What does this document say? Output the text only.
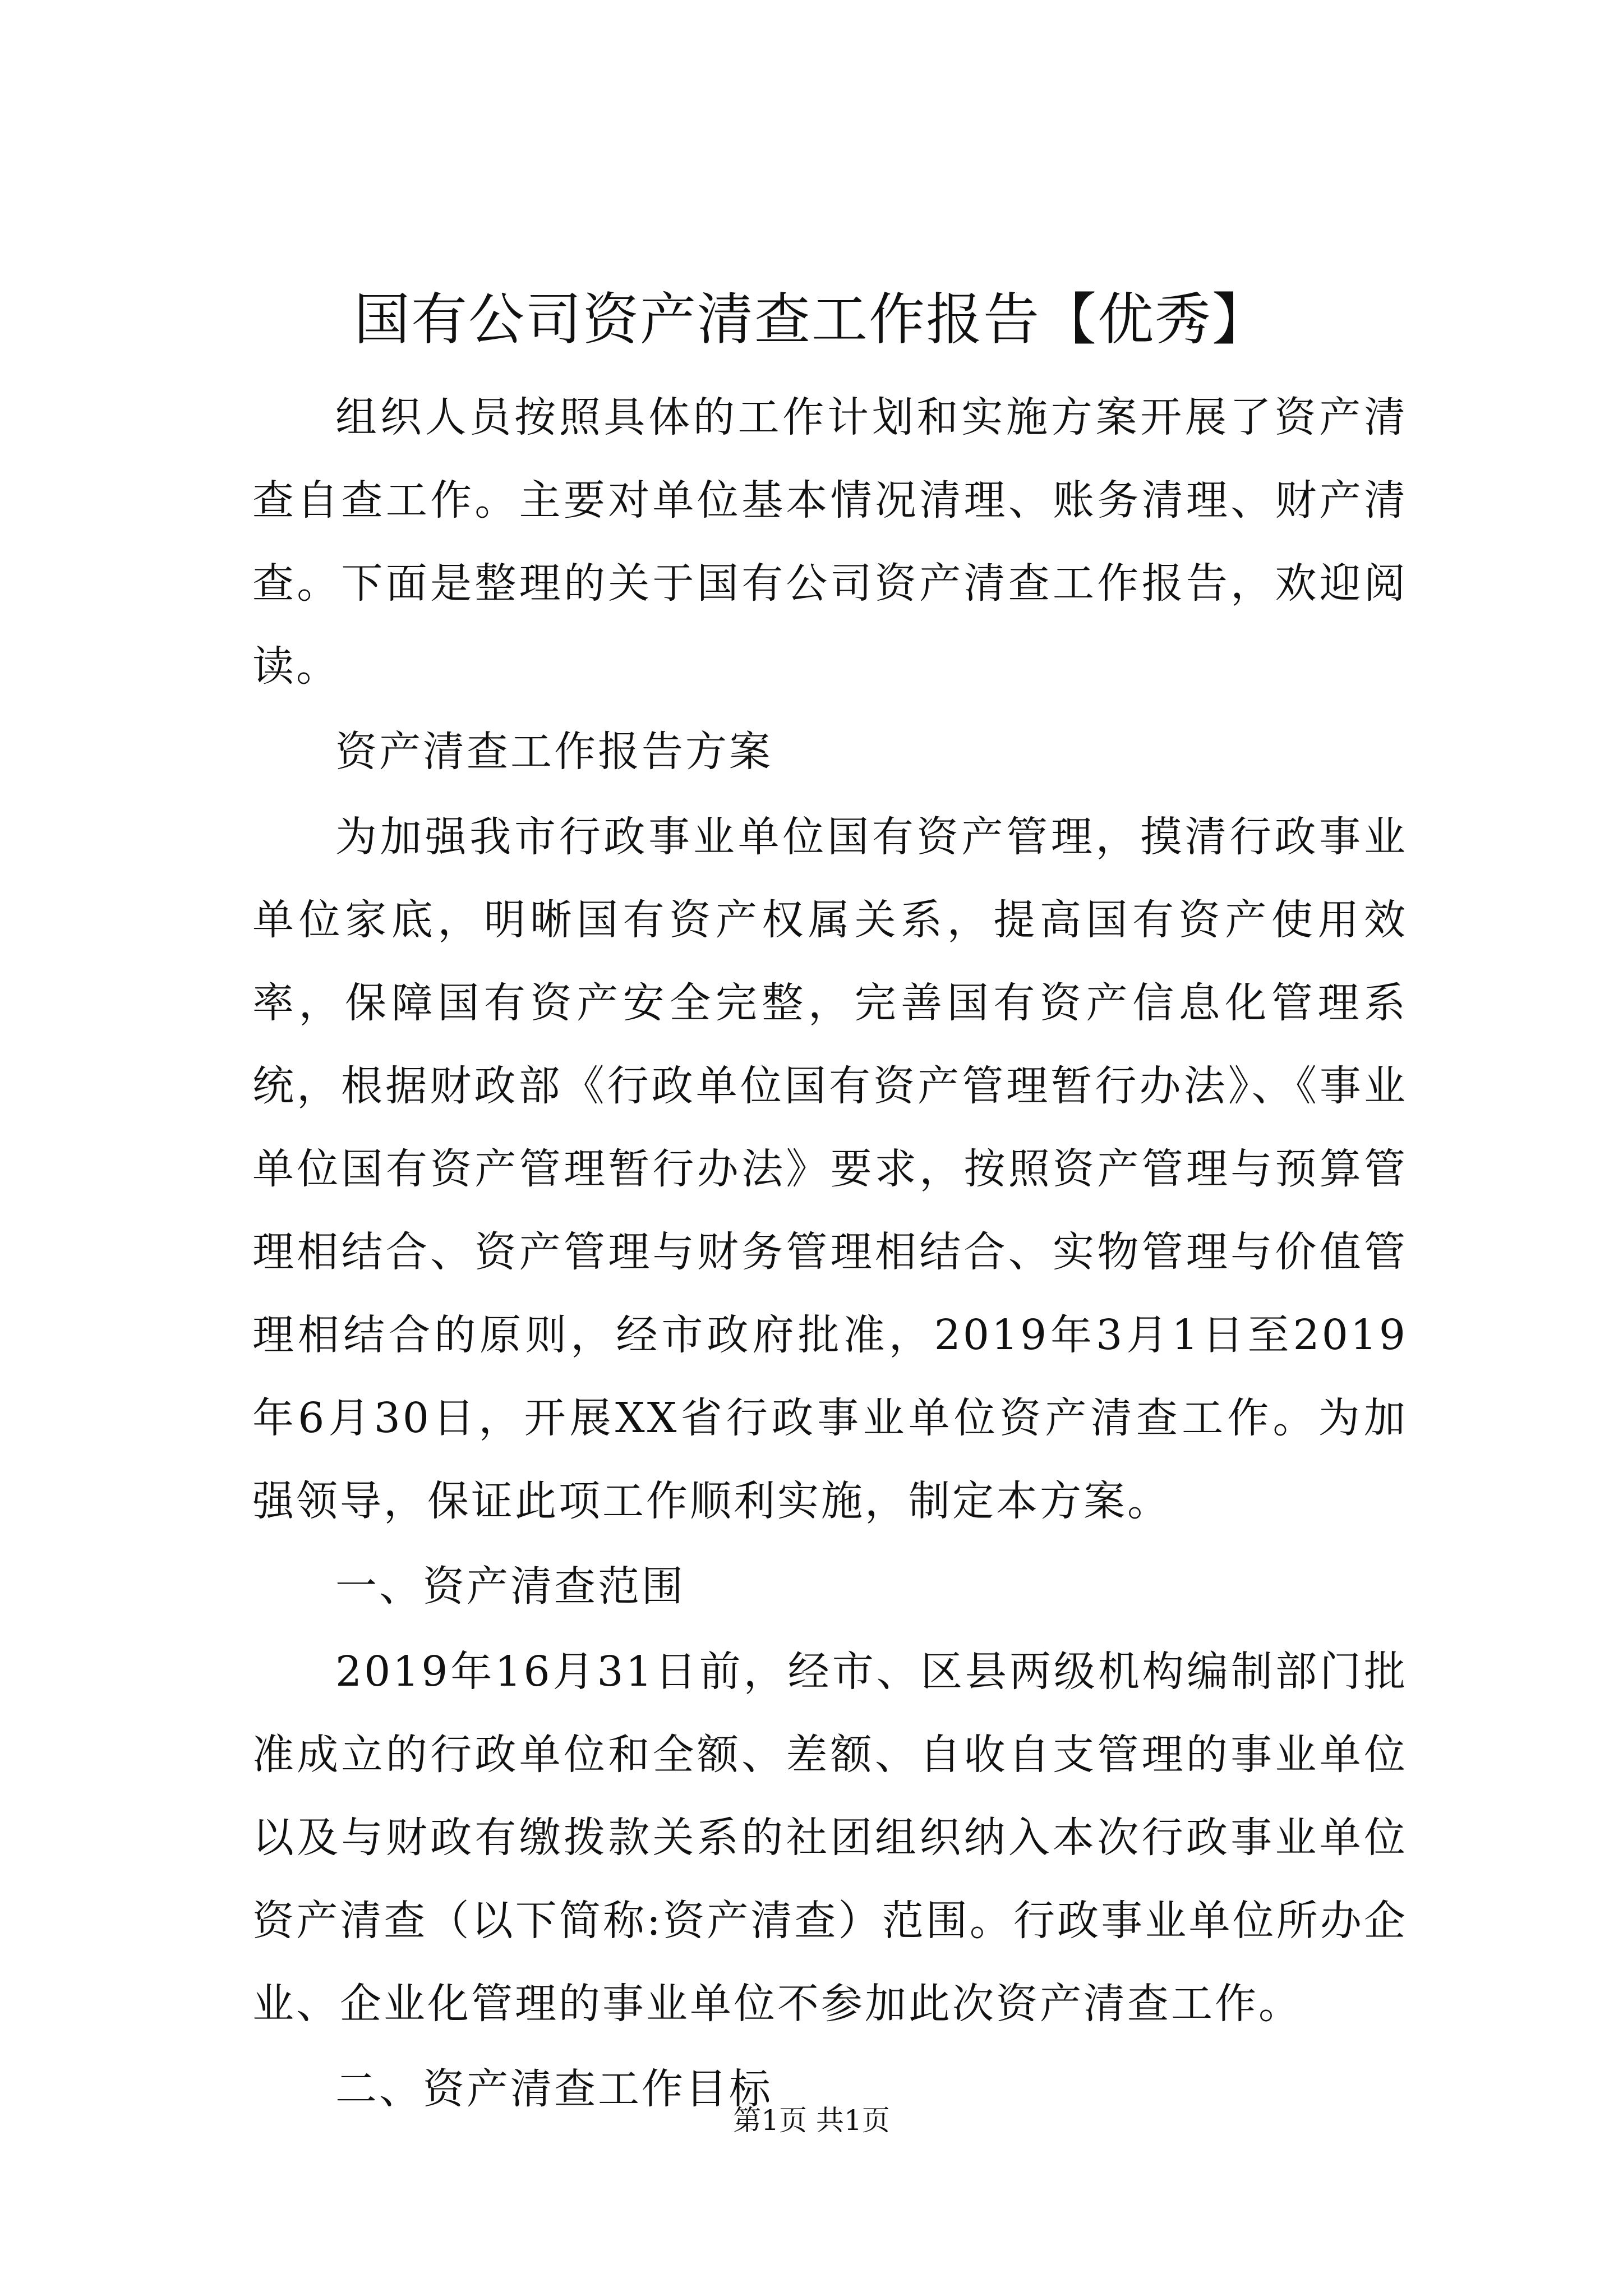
国有公司资产清查工作报告【优秀】

组织人员按照具体的工作计划和实施方案开展了资产清查自查工作。主要对单位基本情况清理、账务清理、财产清查。下面是整理的关于国有公司资产清查工作报告，欢迎阅读。

资产清查工作报告方案

为加强我市行政事业单位国有资产管理，摸清行政事业单位家底，明晰国有资产权属关系，提高国有资产使用效率，保障国有资产安全完整，完善国有资产信息化管理系统，根据财政部《行政单位国有资产管理暂行办法》、《事业单位国有资产管理暂行办法》要求，按照资产管理与预算管理相结合、资产管理与财务管理相结合、实物管理与价值管理相结合的原则，经市政府批准，2019年3月1日至2019年6月30日，开展XX省行政事业单位资产清查工作。为加强领导，保证此项工作顺利实施，制定本方案。

一、资产清查范围

2019年16月31日前，经市、区县两级机构编制部门批准成立的行政单位和全额、差额、自收自支管理的事业单位以及与财政有缴拨款关系的社团组织纳入本次行政事业单位资产清查（以下简称:资产清查）范围。行政事业单位所办企业、企业化管理的事业单位不参加此次资产清查工作。

二、资产清查工作目标

第1页 共1页
